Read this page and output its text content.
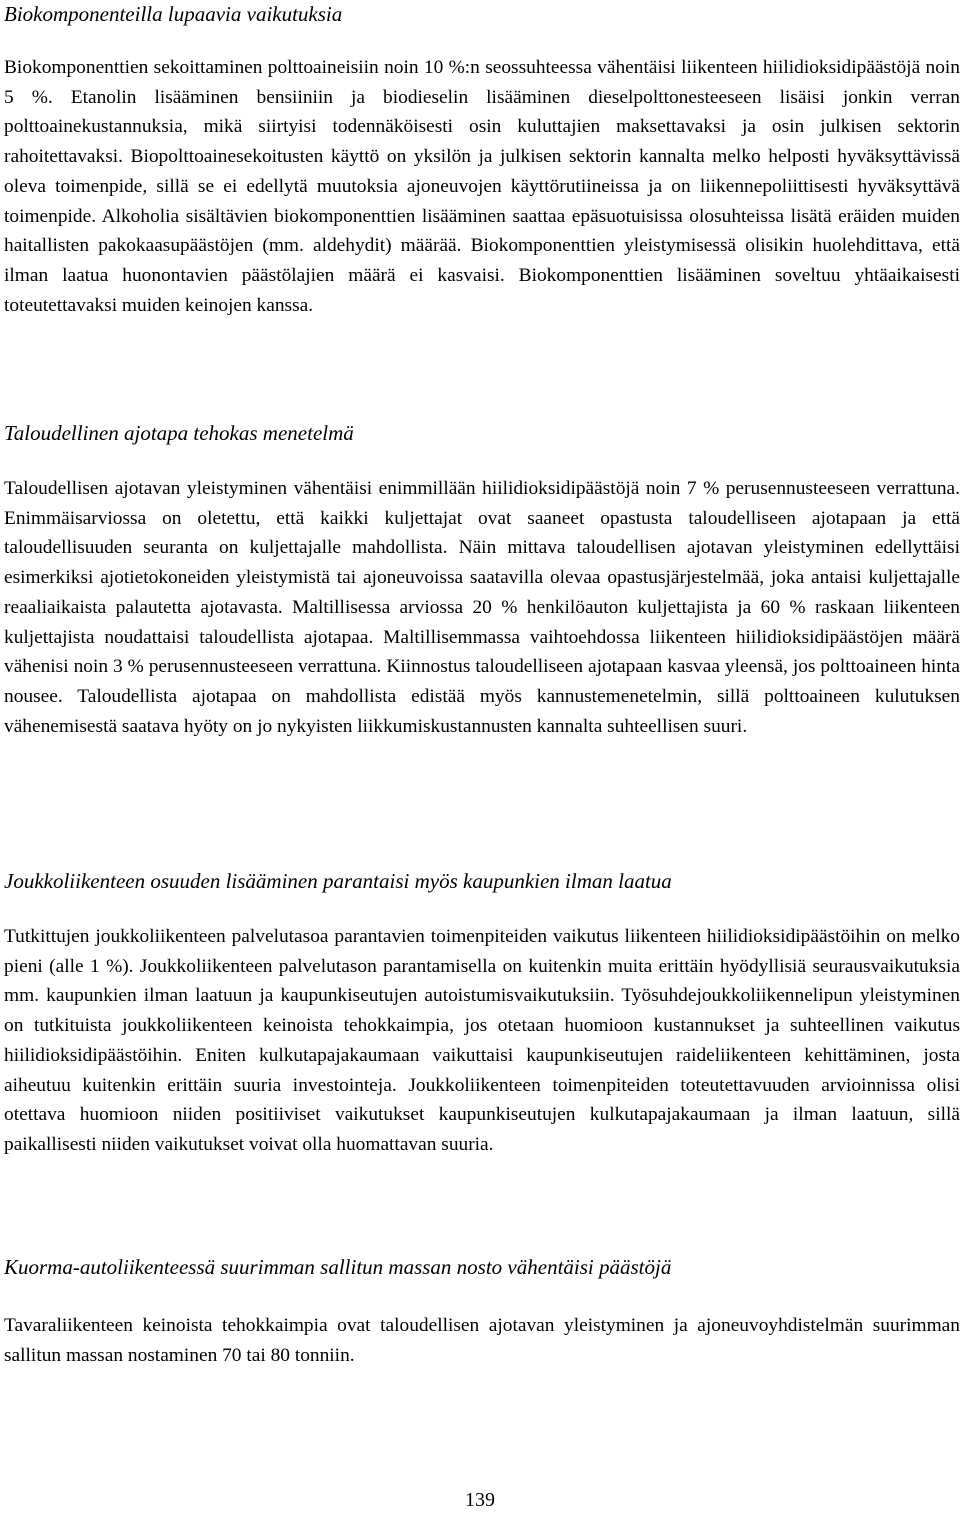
Biokomponenteilla lupaavia vaikutuksia

Biokomponenttien sekoittaminen polttoaineisiin noin 10 %:n seossuhteessa vähentäisi liikenteen hiilidioksidipäästöjä noin 5 %. Etanolin lisääminen bensiiniin ja biodieselin lisääminen dieselpolttonesteeseen lisäisi jonkin verran polttoainekustannuksia, mikä siirtyisi todennäköisesti osin kuluttajien maksettavaksi ja osin julkisen sektorin rahoitettavaksi. Biopolttoainesekoitusten käyttö on yksilön ja julkisen sektorin kannalta melko helposti hyväksyttävissä oleva toimenpide, sillä se ei edellytä muutoksia ajoneuvojen käyttörutiineissa ja on liikennepoliittisesti hyväksyttävä toimenpide. Alkoholia sisältävien biokomponenttien lisääminen saattaa epäsuotuisissa olosuhteissa lisätä eräiden muiden haitallisten pakokaasupäästöjen (mm. aldehydit) määrää. Biokomponenttien yleistymisessä olisikin huolehdittava, että ilman laatua huonontavien päästölajien määrä ei kasvaisi. Biokomponenttien lisääminen soveltuu yhtäaikaisesti toteutettavaksi muiden keinojen kanssa.

Taloudellinen ajotapa tehokas menetelmä

Taloudellisen ajotavan yleistyminen vähentäisi enimmillään hiilidioksidipäästöjä noin 7 % perusennusteeseen verrattuna. Enimmäisarviossa on oletettu, että kaikki kuljettajat ovat saaneet opastusta taloudelliseen ajotapaan ja että taloudellisuuden seuranta on kuljettajalle mahdollista. Näin mittava taloudellisen ajotavan yleistyminen edellyttäisi esimerkiksi ajotietokoneiden yleistymistä tai ajoneuvoissa saatavilla olevaa opastusjärjestelmää, joka antaisi kuljettajalle reaaliaikaista palautetta ajotavasta. Maltillisessa arviossa 20 % henkilöauton kuljettajista ja 60 % raskaan liikenteen kuljettajista noudattaisi taloudellista ajotapaa. Maltillisemmassa vaihtoehdossa liikenteen hiilidioksidipäästöjen määrä vähenisi noin 3 % perusennusteeseen verrattuna. Kiinnostus taloudelliseen ajotapaan kasvaa yleensä, jos polttoaineen hinta nousee. Taloudellista ajotapaa on mahdollista edistää myös kannustemenetelmin, sillä polttoaineen kulutuksen vähenemisestä saatava hyöty on jo nykyisten liikkumiskustannusten kannalta suhteellisen suuri.

Joukkoliikenteen osuuden lisääminen parantaisi myös kaupunkien ilman laatua

Tutkittujen joukkoliikenteen palvelutasoa parantavien toimenpiteiden vaikutus liikenteen hiilidioksidipäästöihin on melko pieni (alle 1 %). Joukkoliikenteen palvelutason parantamisella on kuitenkin muita erittäin hyödyllisiä seurausvaikutuksia mm. kaupunkien ilman laatuun ja kaupunkiseutujen autoistumisvaikutuksiin. Työsuhdejoukkoliikennelipun yleistyminen on tutkituista joukkoliikenteen keinoista tehokkaimpia, jos otetaan huomioon kustannukset ja suhteellinen vaikutus hiilidioksidipäästöihin. Eniten kulkutapajakaumaan vaikuttaisi kaupunkiseutujen raideliikenteen kehittäminen, josta aiheutuu kuitenkin erittäin suuria investointeja. Joukkoliikenteen toimenpiteiden toteutettavuuden arvioinnissa olisi otettava huomioon niiden positiiviset vaikutukset kaupunkiseutujen kulkutapajakaumaan ja ilman laatuun, sillä paikallisesti niiden vaikutukset voivat olla huomattavan suuria.

Kuorma-autoliikenteessä suurimman sallitun massan nosto vähentäisi päästöjä

Tavaraliikenteen keinoista tehokkaimpia ovat taloudellisen ajotavan yleistyminen ja ajoneuvoyhdistelmän suurimman sallitun massan nostaminen 70 tai 80 tonniin.

139
